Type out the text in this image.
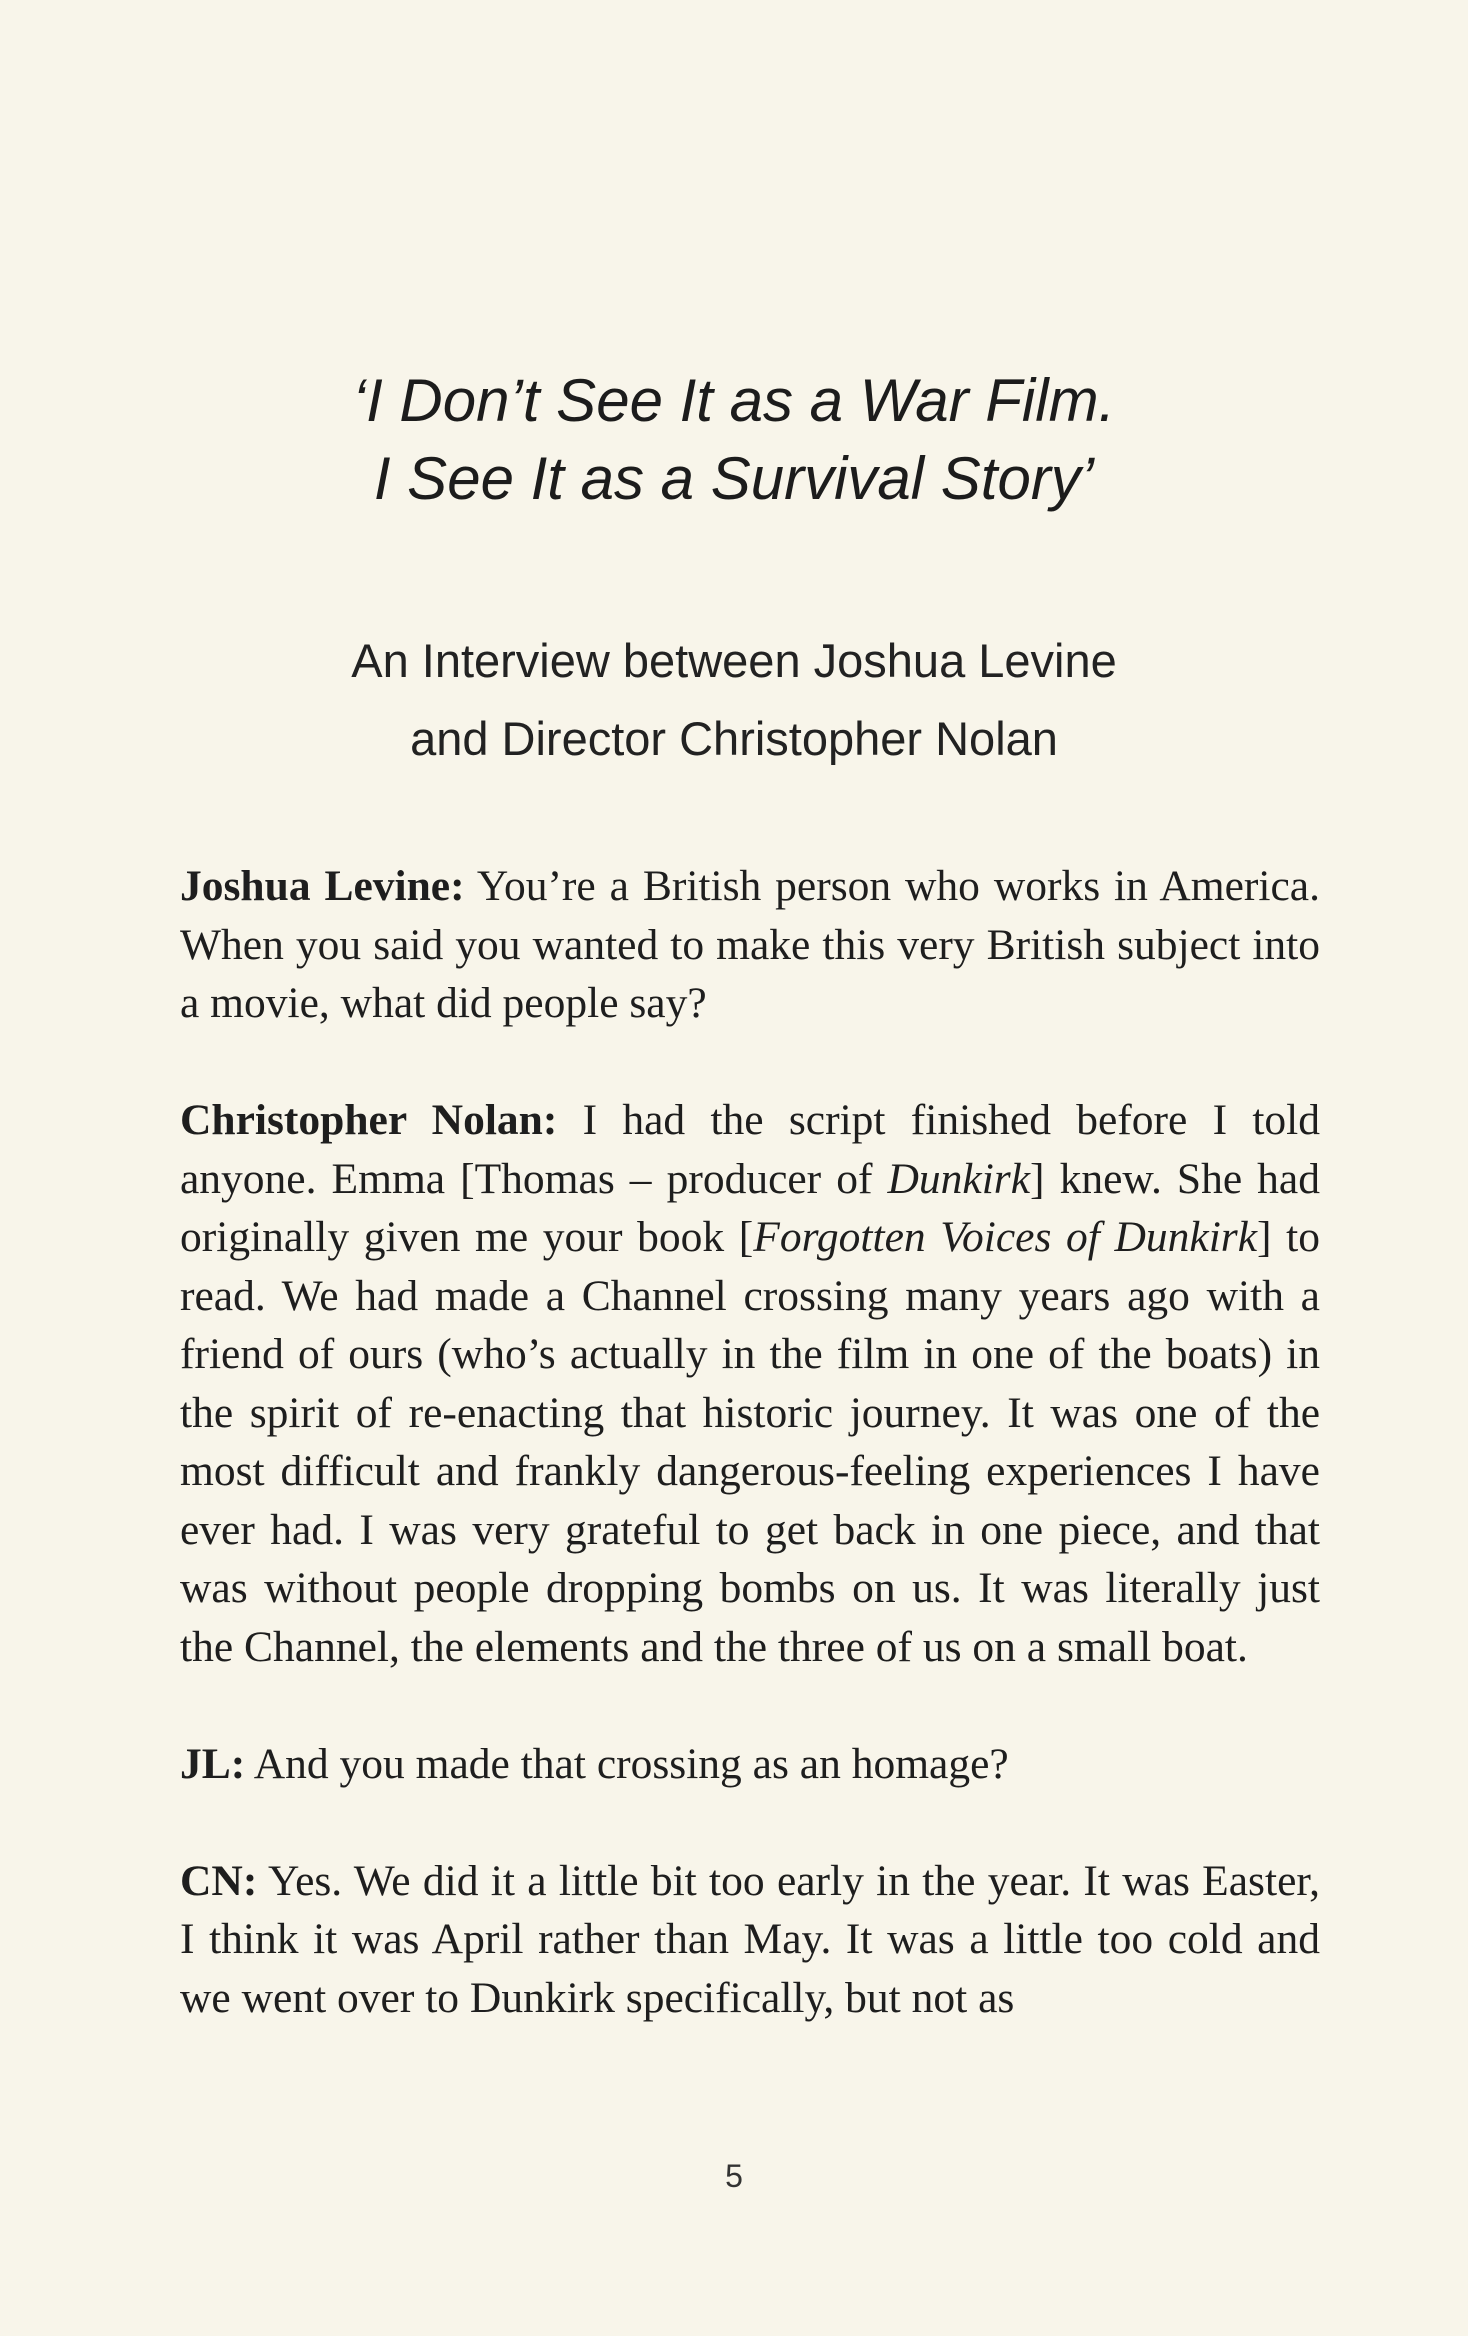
‘I Don’t See It as a War Film.
I See It as a Survival Story’
An Interview between Joshua Levine
and Director Christopher Nolan

Joshua Levine: You’re a British person who works in America. When you said you wanted to make this very British subject into a movie, what did people say?

Christopher Nolan: I had the script finished before I told anyone. Emma [Thomas – producer of Dunkirk] knew. She had originally given me your book [Forgotten Voices of Dunkirk] to read. We had made a Channel crossing many years ago with a friend of ours (who’s actually in the film in one of the boats) in the spirit of re-enacting that historic journey. It was one of the most difficult and frankly dangerous-feeling experiences I have ever had. I was very grateful to get back in one piece, and that was without people dropping bombs on us. It was literally just the Channel, the elements and the three of us on a small boat.

JL: And you made that crossing as an homage?

CN: Yes. We did it a little bit too early in the year. It was Easter, I think it was April rather than May. It was a little too cold and we went over to Dunkirk specifically, but not as

5
